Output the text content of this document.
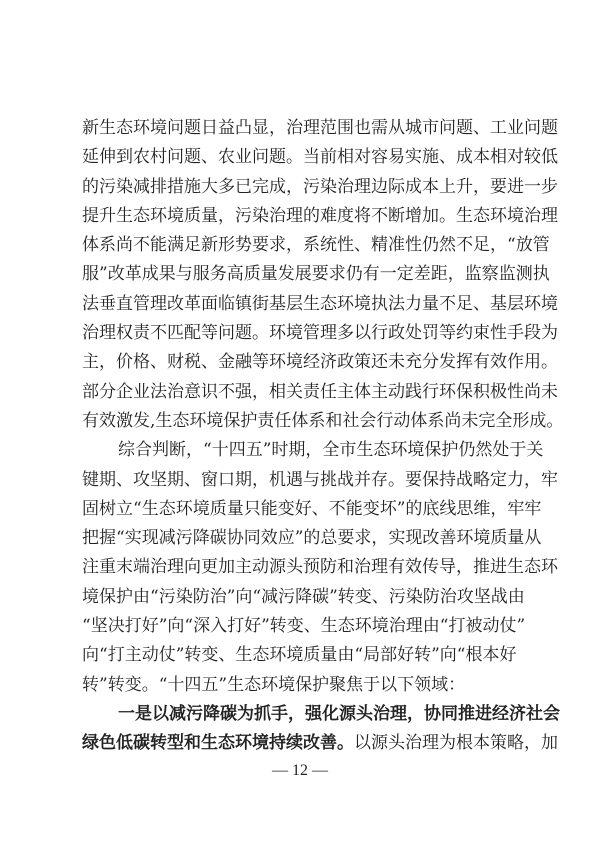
新生态环境问题日益凸显，治理范围也需从城市问题、工业问题
延伸到农村问题、农业问题。当前相对容易实施、成本相对较低
的污染减排措施大多已完成，污染治理边际成本上升，要进一步
提升生态环境质量，污染治理的难度将不断增加。生态环境治理
体系尚不能满足新形势要求，系统性、精准性仍然不足，“放管
服”改革成果与服务高质量发展要求仍有一定差距，监察监测执
法垂直管理改革面临镇街基层生态环境执法力量不足、基层环境
治理权责不匹配等问题。环境管理多以行政处罚等约束性手段为
主，价格、财税、金融等环境经济政策还未充分发挥有效作用。
部分企业法治意识不强，相关责任主体主动践行环保积极性尚未
有效激发,生态环境保护责任体系和社会行动体系尚未完全形成。
综合判断，“十四五”时期，全市生态环境保护仍然处于关
键期、攻坚期、窗口期，机遇与挑战并存。要保持战略定力，牢
固树立“生态环境质量只能变好、不能变坏”的底线思维，牢牢
把握“实现减污降碳协同效应”的总要求，实现改善环境质量从
注重末端治理向更加主动源头预防和治理有效传导，推进生态环
境保护由“污染防治”向“减污降碳”转变、污染防治攻坚战由
“坚决打好”向“深入打好”转变、生态环境治理由“打被动仗”
向“打主动仗”转变、生态环境质量由“局部好转”向“根本好
转”转变。“十四五”生态环境保护聚焦于以下领域：
一是以减污降碳为抓手，强化源头治理，协同推进经济社会
绿色低碳转型和生态环境持续改善。 以源头治理为根本策略，加
— 12 —
